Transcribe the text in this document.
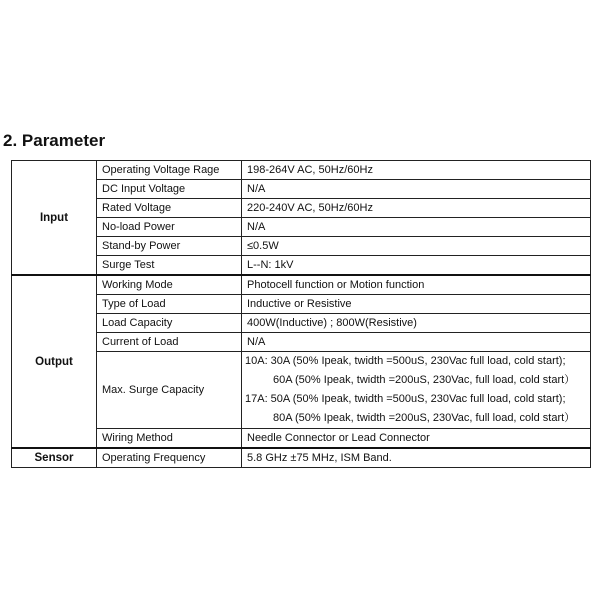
2. Parameter
Input	Operating Voltage Rage	198-264V AC, 50Hz/60Hz
	DC Input Voltage	N/A
	Rated Voltage	220-240V AC, 50Hz/60Hz
	No-load Power	N/A
	Stand-by Power	≤0.5W
	Surge Test	L--N: 1kV
Output	Working Mode	Photocell function or Motion function
	Type of Load	Inductive or Resistive
	Load Capacity	400W(Inductive) ; 800W(Resistive)
	Current of Load	N/A
	Max. Surge Capacity	10A: 30A (50% Ipeak, twidth =500uS, 230Vac full load, cold start);
60A (50% Ipeak, twidth =200uS, 230Vac, full load, cold start）
17A: 50A (50% Ipeak, twidth =500uS, 230Vac full load, cold start);
80A (50% Ipeak, twidth =200uS, 230Vac, full load, cold start）

	Wiring Method	Needle Connector or Lead Connector
Sensor	Operating Frequency	5.8 GHz ±75 MHz, ISM Band.
